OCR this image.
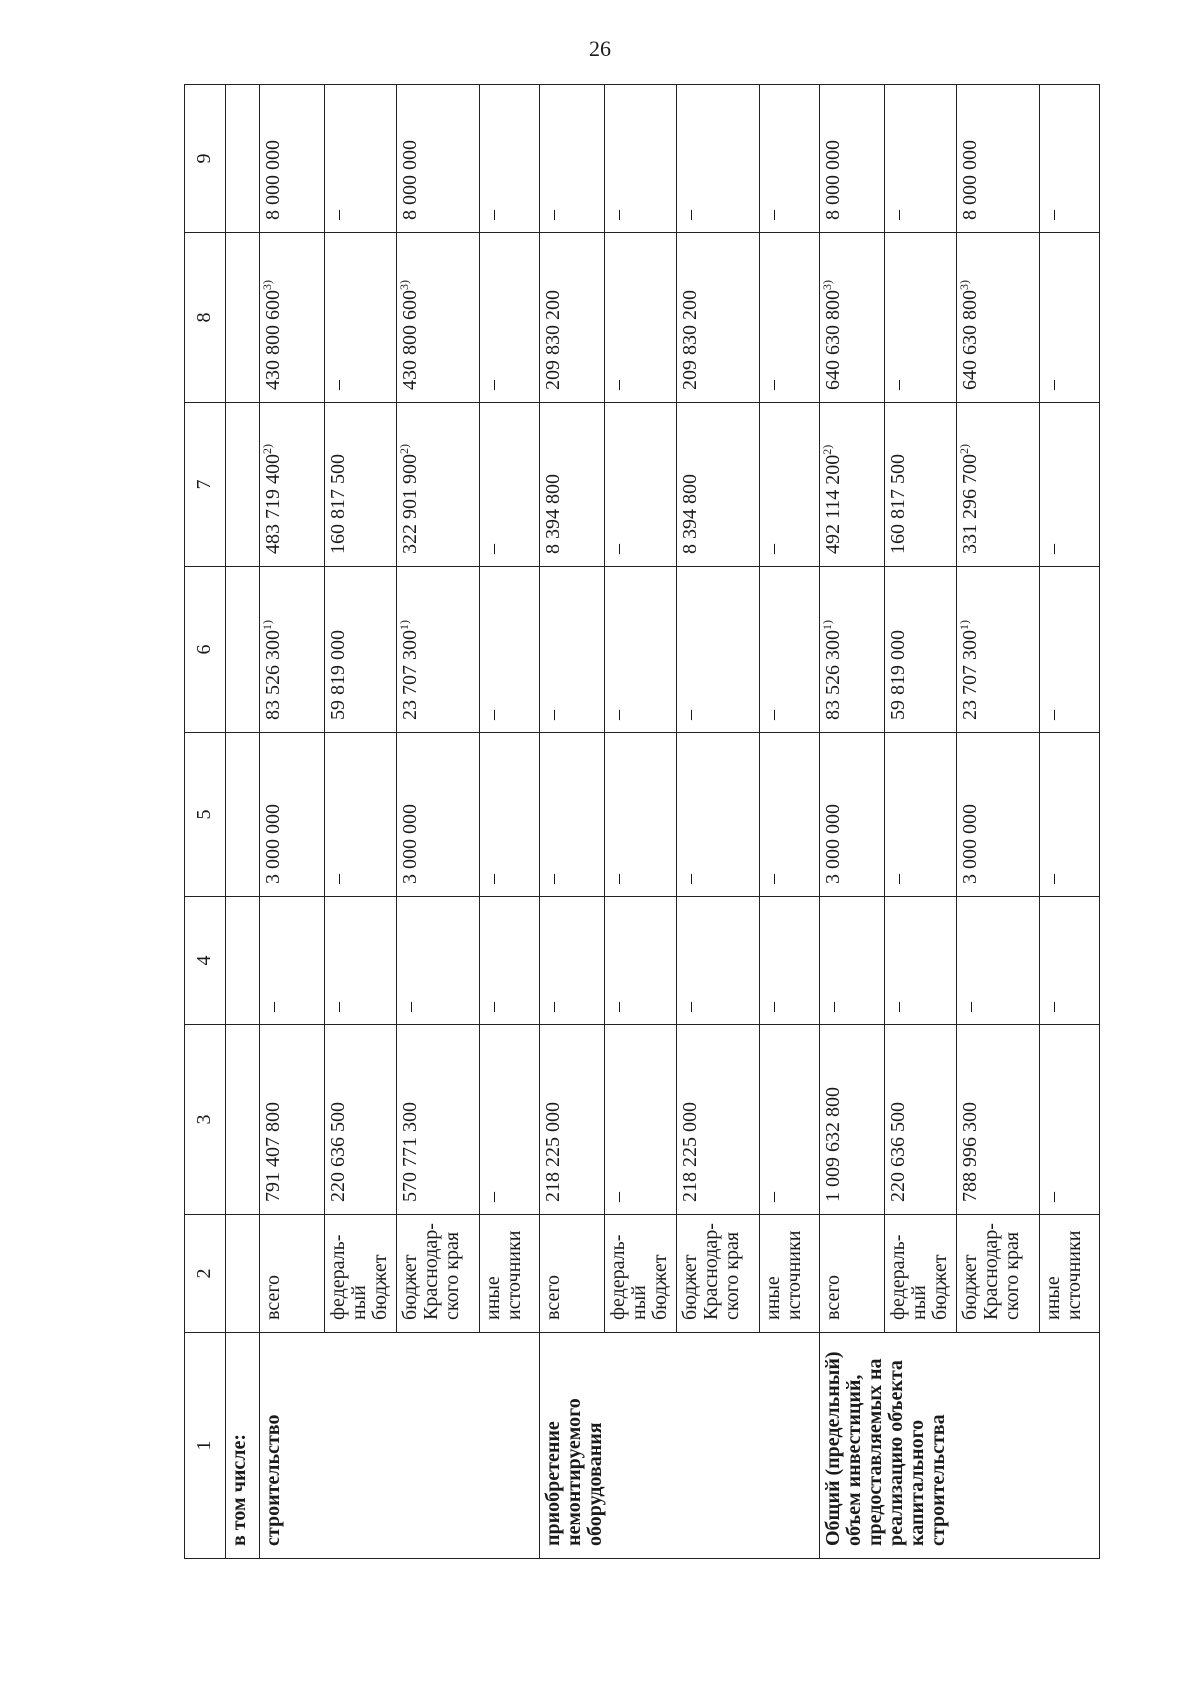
26
1	2	3	4	5	6	7	8	9
в том числе:								
строительство	всего	791 407 800	–	3 000 000	83 526 300$^{1)}$	483 719 400$^{2)}$	430 800 600$^{3)}$	8 000 000
	федераль-ный бюджет	220 636 500	–	–	59 819 000	160 817 500	–	–
	бюджет Краснодар-ского края	570 771 300	–	3 000 000	23 707 300$^{1)}$	322 901 900$^{2)}$	430 800 600$^{3)}$	8 000 000
	иные источники	–	–	–	–	–	–	–
приобретение немонтируемого оборудования	всего	218 225 000	–	–	–	8 394 800	209 830 200	–
	федераль-ный бюджет	–	–	–	–	–	–	–
	бюджет Краснодар-ского края	218 225 000	–	–	–	8 394 800	209 830 200	–
	иные источники	–	–	–	–	–	–	–
Общий (предельный) объем инвестиций, предоставляемых на реализацию объекта капитального строительства	всего	1 009 632 800	–	3 000 000	83 526 300$^{1)}$	492 114 200$^{2)}$	640 630 800$^{3)}$	8 000 000
	федераль-ный бюджет	220 636 500	–	–	59 819 000	160 817 500	–	–
	бюджет Краснодар-ского края	788 996 300	–	3 000 000	23 707 300$^{1)}$	331 296 700$^{2)}$	640 630 800$^{3)}$	8 000 000
	иные источники	–	–	–	–	–	–	–
